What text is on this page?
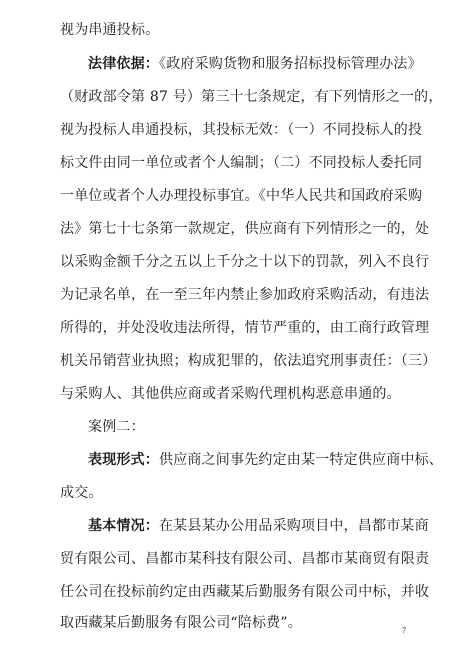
视为串通投标。
法律依据：《政府采购货物和服务招标投标管理办法》
（财政部令第 87 号）第三十七条规定，有下列情形之一的，
视为投标人串通投标，其投标无效：（一）不同投标人的投
标文件由同一单位或者个人编制；（二）不同投标人委托同
一单位或者个人办理投标事宜。《中华人民共和国政府采购
法》第七十七条第一款规定，供应商有下列情形之一的，处
以采购金额千分之五以上千分之十以下的罚款，列入不良行
为记录名单，在一至三年内禁止参加政府采购活动，有违法
所得的，并处没收违法所得，情节严重的，由工商行政管理
机关吊销营业执照；构成犯罪的，依法追究刑事责任：（三）
与采购人、其他供应商或者采购代理机构恶意串通的。
案例二：
表现形式：供应商之间事先约定由某一特定供应商中标、
成交。
基本情况：在某县某办公用品采购项目中，昌都市某商
贸有限公司、昌都市某科技有限公司、昌都市某商贸有限责
任公司在投标前约定由西藏某后勤服务有限公司中标，并收
取西藏某后勤服务有限公司“陪标费”。	7
